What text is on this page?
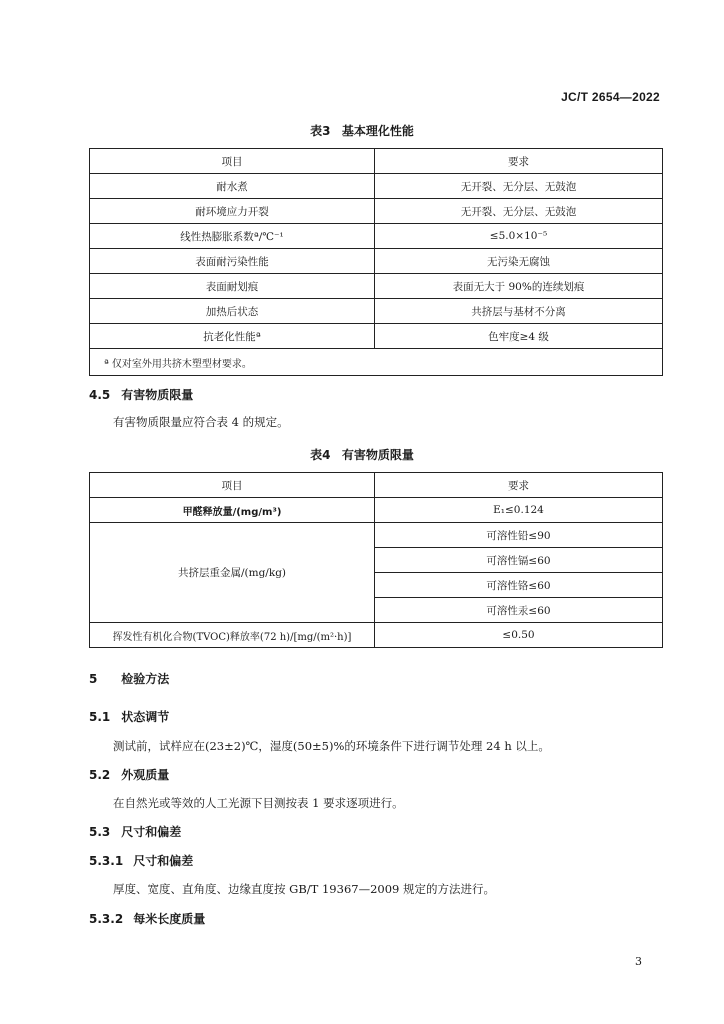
JC/T 2654—2022
表3 基本理化性能
项目	要求
耐水煮	无开裂、无分层、无鼓泡
耐环境应力开裂	无开裂、无分层、无鼓泡
线性热膨胀系数ª/℃⁻¹	≤5.0×10⁻⁵
表面耐污染性能	无污染无腐蚀
表面耐划痕	表面无大于 90%的连续划痕
加热后状态	共挤层与基材不分离
抗老化性能ª	色牢度≥4 级
ª 仅对室外用共挤木塑型材要求。	
4.5 有害物质限量
有害物质限量应符合表 4 的规定。
表4 有害物质限量
项目	要求
甲醛释放量/(mg/m³)	E₁≤0.124
共挤层重金属/(mg/kg)	可溶性铅≤90
	可溶性镉≤60
	可溶性铬≤60
	可溶性汞≤60
挥发性有机化合物(TVOC)释放率(72 h)/[mg/(m²·h)]	≤0.50
5 检验方法
5.1 状态调节
测试前，试样应在(23±2)℃，湿度(50±5)%的环境条件下进行调节处理 24 h 以上。
5.2 外观质量
在自然光或等效的人工光源下目测按表 1 要求逐项进行。
5.3 尺寸和偏差
5.3.1 尺寸和偏差
厚度、宽度、直角度、边缘直度按 GB/T 19367—2009 规定的方法进行。
5.3.2 每米长度质量
3
